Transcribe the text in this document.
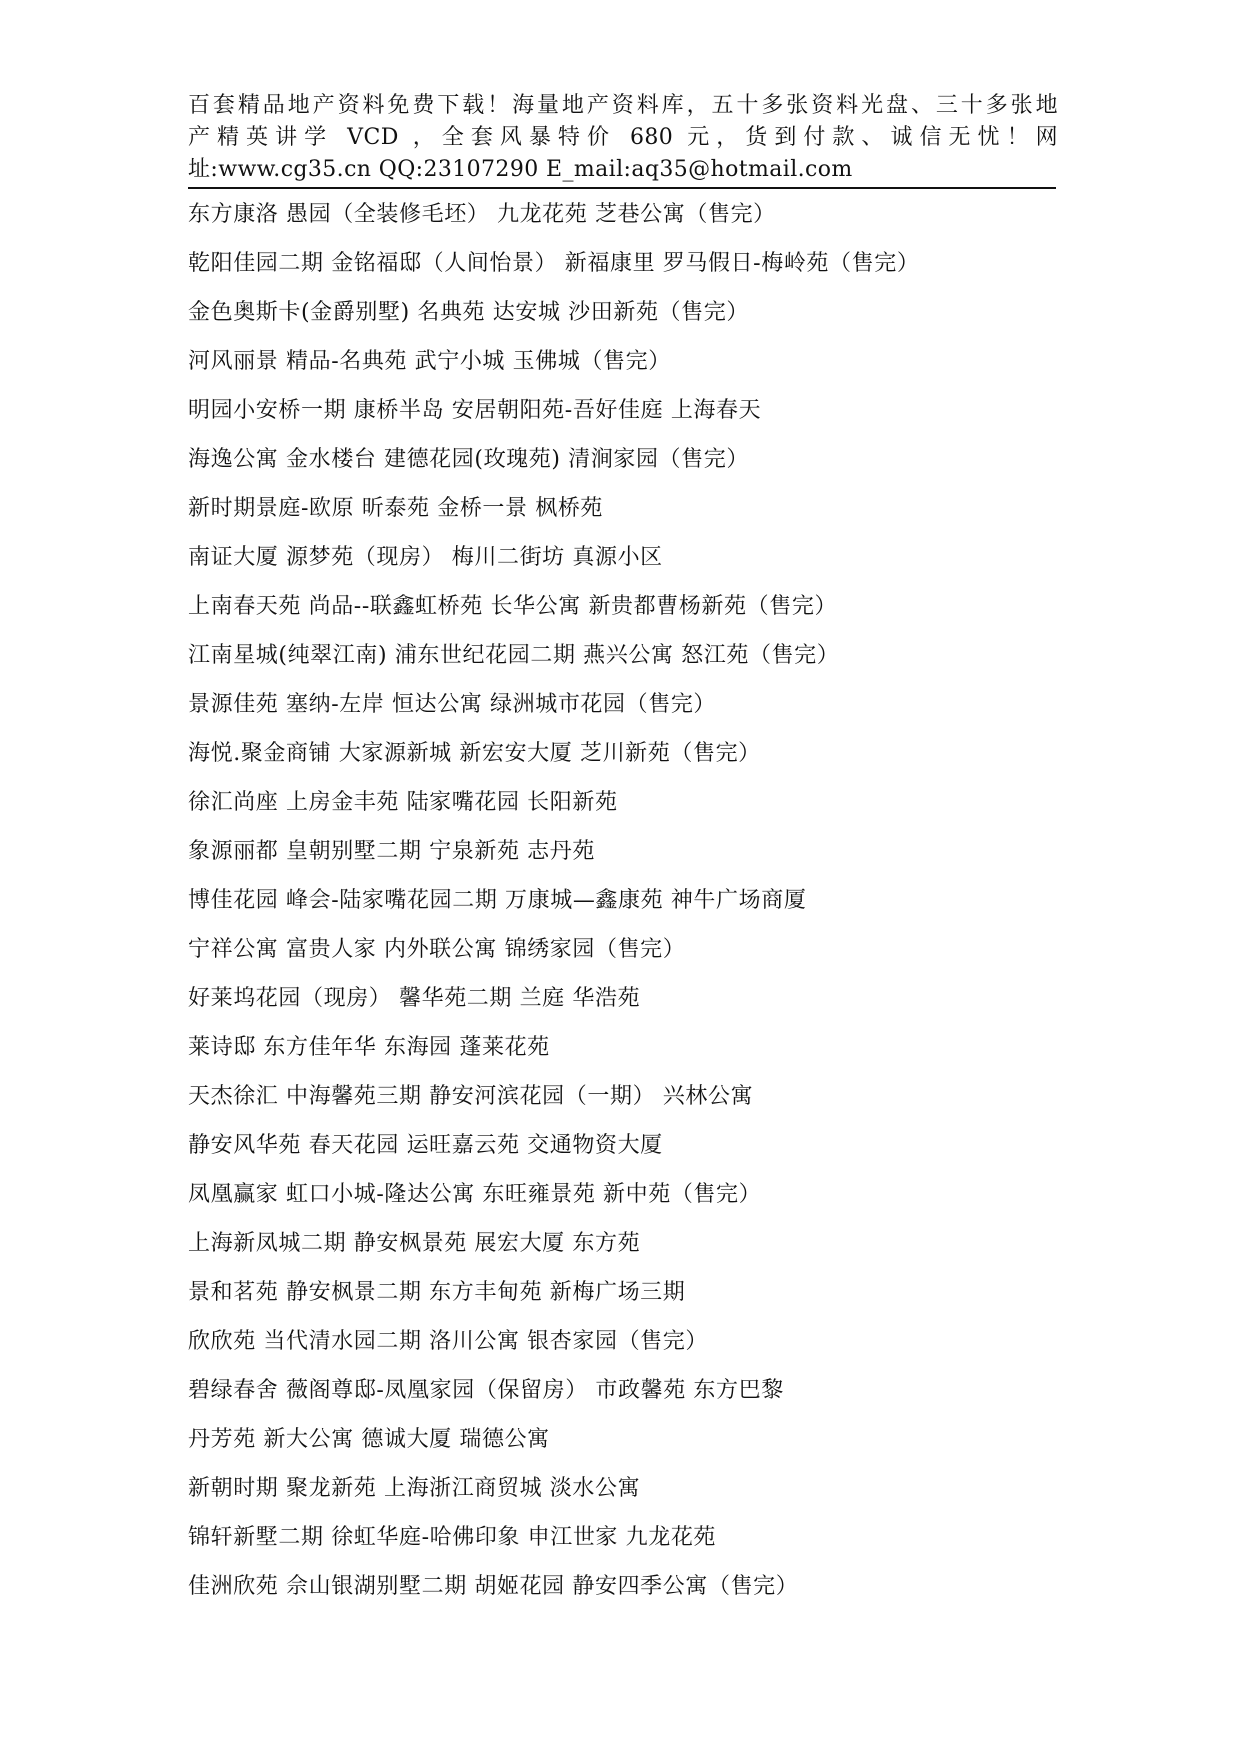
百套精品地产资料免费下载！海量地产资料库，五十多张资料光盘、三十多张地
产精英讲学 VCD ，全套风暴特价 680 元，货到付款、诚信无忧！网
址:www.cg35.cn QQ:23107290 E_mail:aq35@hotmail.com
东方康洛 愚园（全装修毛坯） 九龙花苑 芝巷公寓（售完）
乾阳佳园二期 金铭福邸（人间怡景） 新福康里 罗马假日-梅岭苑（售完）
金色奥斯卡(金爵别墅) 名典苑 达安城 沙田新苑（售完）
河风丽景 精品-名典苑 武宁小城 玉佛城（售完）
明园小安桥一期 康桥半岛 安居朝阳苑-吾好佳庭 上海春天
海逸公寓 金水楼台 建德花园(玫瑰苑) 清涧家园（售完）
新时期景庭-欧原 昕泰苑 金桥一景 枫桥苑
南证大厦 源梦苑（现房） 梅川二街坊 真源小区
上南春天苑 尚品--联鑫虹桥苑 长华公寓 新贵都曹杨新苑（售完）
江南星城(纯翠江南) 浦东世纪花园二期 燕兴公寓 怒江苑（售完）
景源佳苑 塞纳-左岸 恒达公寓 绿洲城市花园（售完）
海悦.聚金商铺 大家源新城 新宏安大厦 芝川新苑（售完）
徐汇尚座 上房金丰苑 陆家嘴花园 长阳新苑
象源丽都 皇朝别墅二期 宁泉新苑 志丹苑
博佳花园 峰会-陆家嘴花园二期 万康城—鑫康苑 神牛广场商厦
宁祥公寓 富贵人家 内外联公寓 锦绣家园（售完）
好莱坞花园（现房） 馨华苑二期 兰庭 华浩苑
莱诗邸 东方佳年华 东海园 蓬莱花苑
天杰徐汇 中海馨苑三期 静安河滨花园（一期） 兴林公寓
静安风华苑 春天花园 运旺嘉云苑 交通物资大厦
凤凰赢家 虹口小城-隆达公寓 东旺雍景苑 新中苑（售完）
上海新凤城二期 静安枫景苑 展宏大厦 东方苑
景和茗苑 静安枫景二期 东方丰甸苑 新梅广场三期
欣欣苑 当代清水园二期 洛川公寓 银杏家园（售完）
碧绿春舍 薇阁尊邸-凤凰家园（保留房） 市政馨苑 东方巴黎
丹芳苑 新大公寓 德诚大厦 瑞德公寓
新朝时期 聚龙新苑 上海浙江商贸城 淡水公寓
锦轩新墅二期 徐虹华庭-哈佛印象 申江世家 九龙花苑
佳洲欣苑 佘山银湖别墅二期 胡姬花园 静安四季公寓（售完）
